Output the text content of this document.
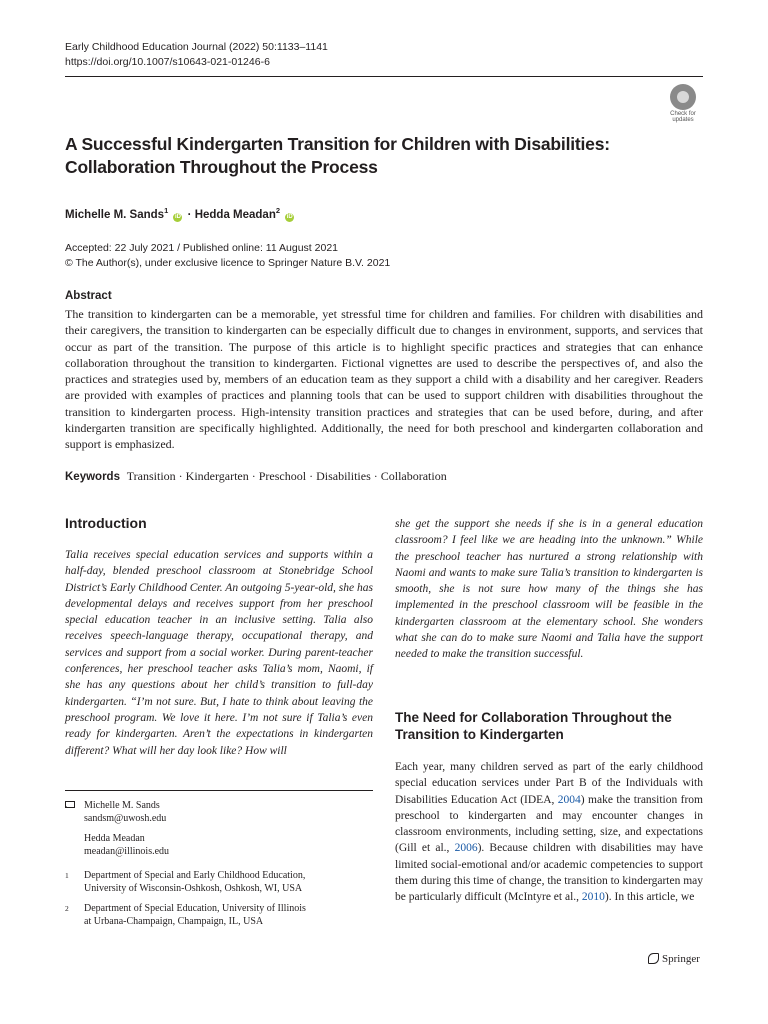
Early Childhood Education Journal (2022) 50:1133–1141
https://doi.org/10.1007/s10643-021-01246-6
Check for updates
A Successful Kindergarten Transition for Children with Disabilities: Collaboration Throughout the Process
Michelle M. Sands$^1$ iD · Hedda Meadan$^2$ iD
Accepted: 22 July 2021 / Published online: 11 August 2021
© The Author(s), under exclusive licence to Springer Nature B.V. 2021
Abstract
The transition to kindergarten can be a memorable, yet stressful time for children and families. For children with disabilities and their caregivers, the transition to kindergarten can be especially difficult due to changes in environment, supports, and services that occur as part of the transition. The purpose of this article is to highlight specific practices and strategies that can enhance collaboration throughout the transition to kindergarten. Fictional vignettes are used to describe the perspectives of, and also the practices and strategies used by, members of an education team as they support a child with a disability and her caregiver. Readers are provided with examples of practices and planning tools that can be used to support children with disabilities throughout the transition to kindergarten process. High-intensity transition practices and strategies that can be used before, during, and after kindergarten transition are specifically highlighted. Additionally, the need for both preschool and kindergarten collaboration and support is emphasized.
Keywords Transition · Kindergarten · Preschool · Disabilities · Collaboration
Introduction
Talia receives special education services and supports within a half-day, blended preschool classroom at Stonebridge School District’s Early Childhood Center. An outgoing 5-year-old, she has developmental delays and receives support from her preschool special education teacher in an inclusive setting. Talia also receives speech-language therapy, occupational therapy, and services and support from a social worker. During parent-teacher conferences, her preschool teacher asks Talia’s mom, Naomi, if she has any questions about her child’s transition to full-day kindergarten. “I’m not sure. But, I hate to think about leaving the preschool program. We love it here. I’m not sure if Talia’s even ready for kindergarten. Aren’t the expectations in kindergarten different? What will her day look like? How will
she get the support she needs if she is in a general education classroom? I feel like we are heading into the unknown.” While the preschool teacher has nurtured a strong relationship with Naomi and wants to make sure Talia’s transition to kindergarten is smooth, she is not sure how many of the things she has implemented in the preschool classroom will be feasible in the kindergarten classroom at the elementary school. She wonders what she can do to make sure Naomi and Talia have the support needed to make the transition successful.
The Need for Collaboration Throughout the Transition to Kindergarten
Each year, many children served as part of the early childhood special education services under Part B of the Individuals with Disabilities Education Act (IDEA, 2004) make the transition from preschool to kindergarten and may encounter changes in classroom environments, including setting, size, and expectations (Gill et al., 2006). Because children with disabilities may have limited social-emotional and/or academic competencies to support them during this time of change, the transition to kindergarten may be particularly difficult (McIntyre et al., 2010). In this article, we
Michelle M. Sands
sandsm@uwosh.edu
Hedda Meadan
meadan@illinois.edu
1 Department of Special and Early Childhood Education,
University of Wisconsin-Oshkosh, Oshkosh, WI, USA
2 Department of Special Education, University of Illinois
at Urbana-Champaign, Champaign, IL, USA
Springer
